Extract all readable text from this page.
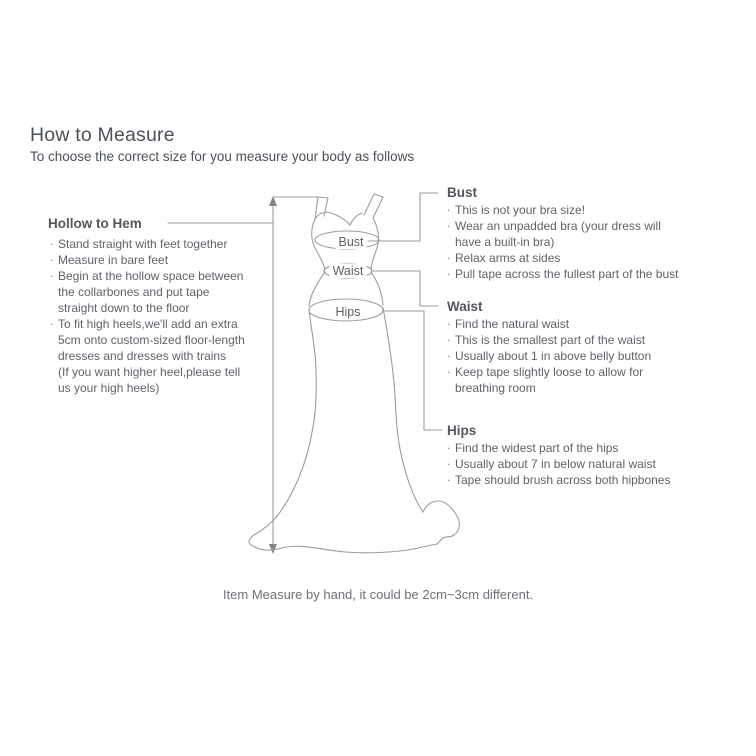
How to Measure

To choose the correct size for you measure your body as follows

Bust
Waist
Hips
Hollow to Hem
. Stand straight with feet together
. Measure in bare feet
. Begin at the hollow space between
the collarbones and put tape
straight down to the floor
. To fit high heels,we'll add an extra
5cm onto custom-sized floor-length
dresses and dresses with trains
(If you want higher heel,please tell
us your high heels)
Bust
. This is not your bra size!
. Wear an unpadded bra (your dress will
have a built-in bra)
. Relax arms at sides
. Pull tape across the fullest part of the bust
Waist
. Find the natural waist
. This is the smallest part of the waist
. Usually about 1 in above belly button
. Keep tape slightly loose to allow for
breathing room
Hips
. Find the widest part of the hips
. Usually about 7 in below natural waist
. Tape should brush across both hipbones

Item Measure by hand, it could be 2cm~3cm different.
